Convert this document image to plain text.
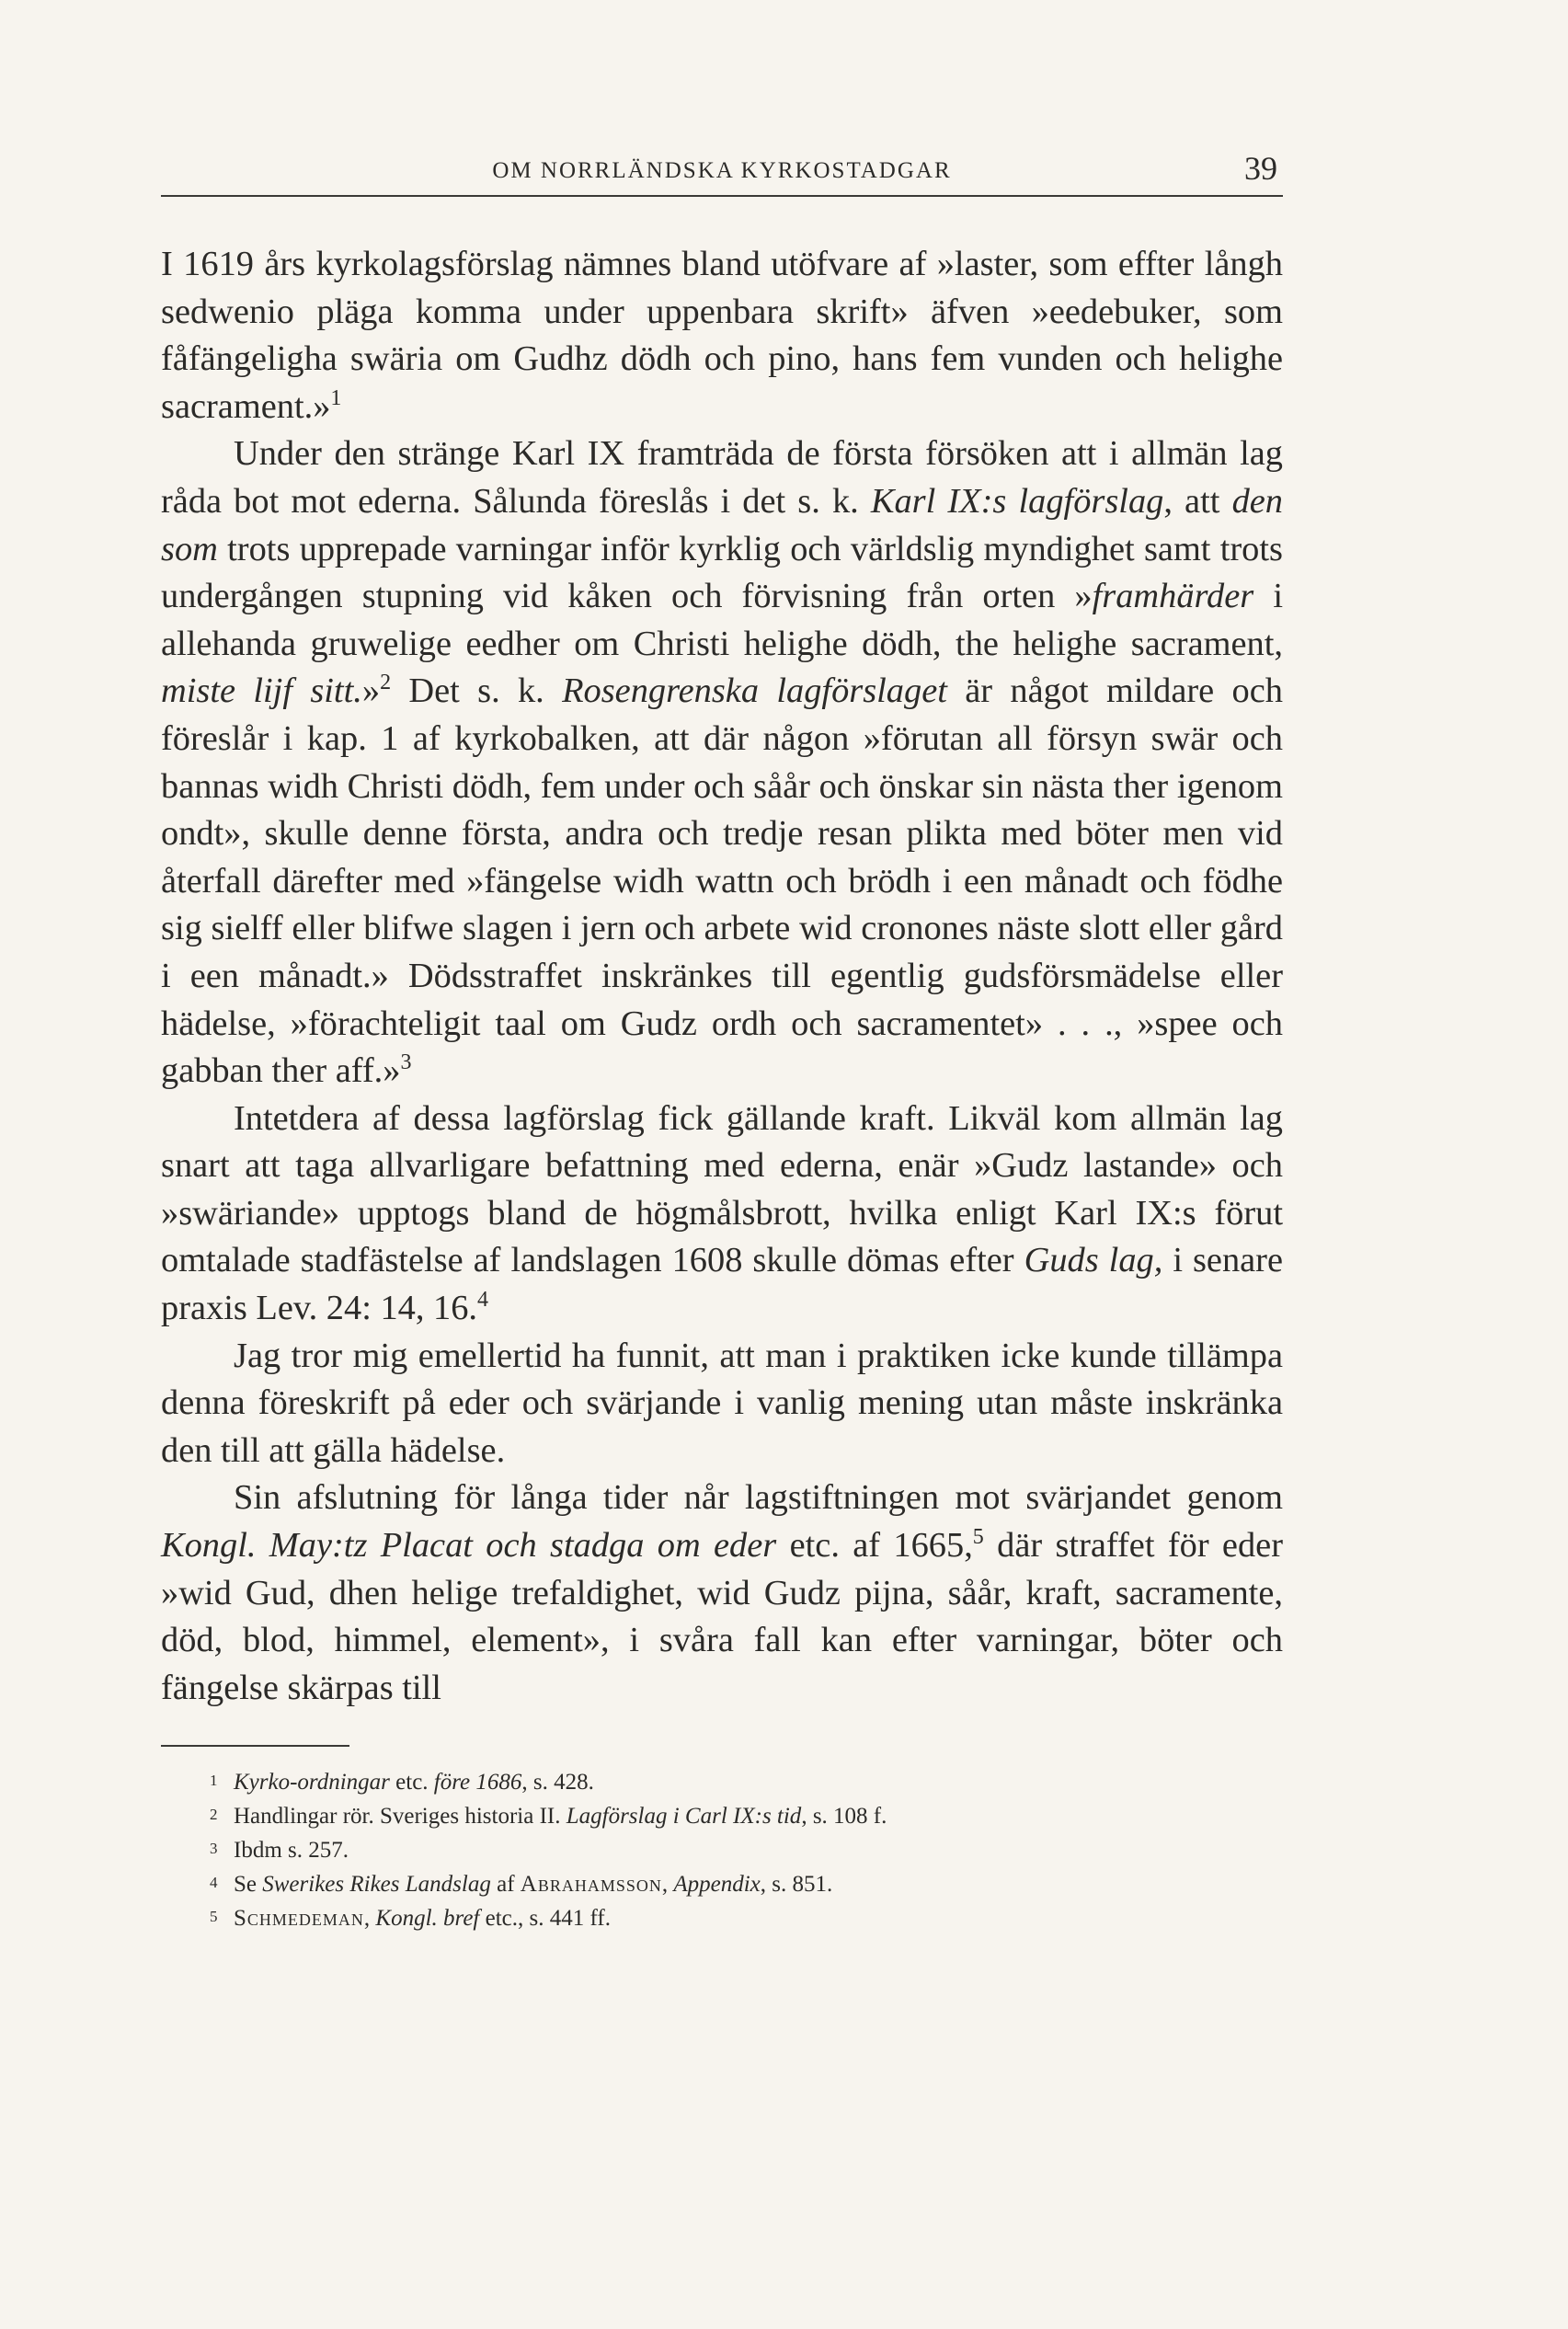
OM NORRLÄNDSKA KYRKOSTADGAR	39

I 1619 års kyrkolagsförslag nämnes bland utöfvare af »laster, som effter långh sedwenio pläga komma under uppenbara skrift» äfven »eedebuker, som fåfängeligha swäria om Gudhz dödh och pino, hans fem vunden och helighe sacrament.»$^1$

Under den stränge Karl IX framträda de första försöken att i allmän lag råda bot mot ederna. Sålunda föreslås i det s. k. Karl IX:s lagförslag, att den som trots upprepade varningar inför kyrklig och världslig myndighet samt trots undergången stupning vid kåken och förvisning från orten »framhärder i allehanda gruwelige eedher om Christi helighe dödh, the helighe sacrament, miste lijf sitt.»$^2$ Det s. k. Rosengrenska lagförslaget är något mildare och föreslår i kap. 1 af kyrkobalken, att där någon »förutan all försyn swär och bannas widh Christi dödh, fem under och såår och önskar sin nästa ther igenom ondt», skulle denne första, andra och tredje resan plikta med böter men vid återfall därefter med »fängelse widh wattn och brödh i een månadt och födhe sig sielff eller blifwe slagen i jern och arbete wid cronones näste slott eller gård i een månadt.» Dödsstraffet inskränkes till egentlig gudsförsmädelse eller hädelse, »förachteligit taal om Gudz ordh och sacramentet» . . ., »spee och gabban ther aff.»$^3$

Intetdera af dessa lagförslag fick gällande kraft. Likväl kom allmän lag snart att taga allvarligare befattning med ederna, enär »Gudz lastande» och »swäriande» upptogs bland de högmålsbrott, hvilka enligt Karl IX:s förut omtalade stadfästelse af landslagen 1608 skulle dömas efter Guds lag, i senare praxis Lev. 24: 14, 16.$^4$

Jag tror mig emellertid ha funnit, att man i praktiken icke kunde tillämpa denna föreskrift på eder och svärjande i vanlig mening utan måste inskränka den till att gälla hädelse.

Sin afslutning för långa tider når lagstiftningen mot svärjandet genom Kongl. May:tz Placat och stadga om eder etc. af 1665,$^5$ där straffet för eder »wid Gud, dhen helige trefaldighet, wid Gudz pijna, såår, kraft, sacramente, död, blod, himmel, element», i svåra fall kan efter varningar, böter och fängelse skärpas till

1 Kyrko-ordningar etc. före 1686, s. 428.
2 Handlingar rör. Sveriges historia II. Lagförslag i Carl IX:s tid, s. 108 f.
3 Ibdm s. 257.
4 Se Swerikes Rikes Landslag af Abrahamsson, Appendix, s. 851.
5 Schmedeman, Kongl. bref etc., s. 441 ff.
